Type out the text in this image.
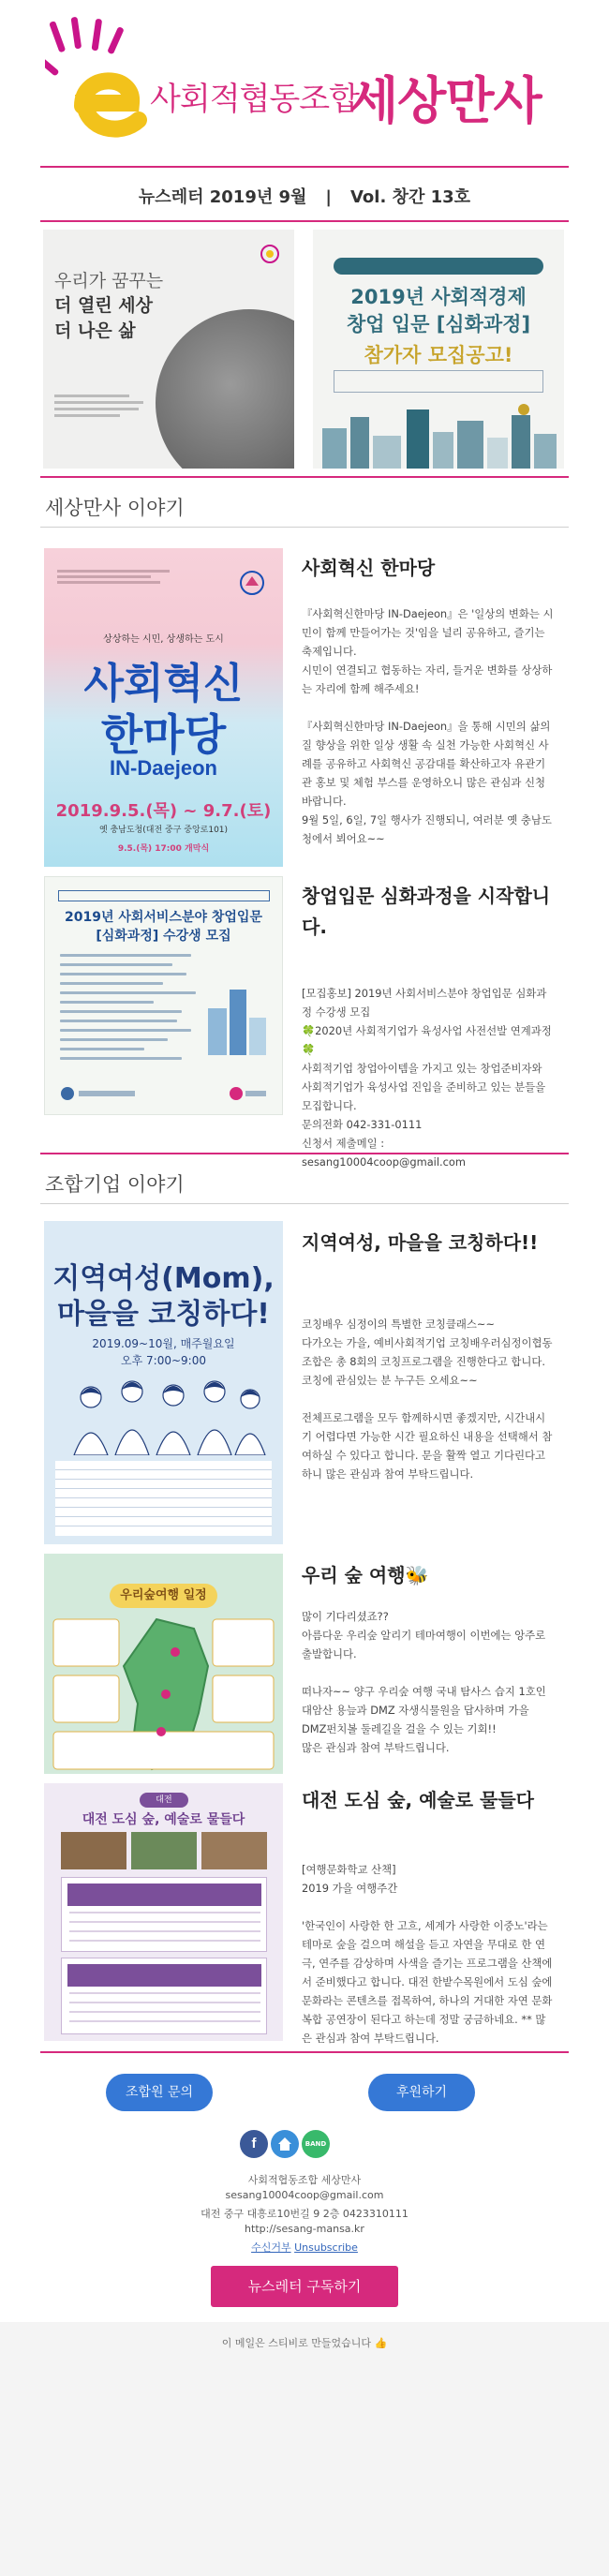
사회적협동조합
세상만사
뉴스레터 2019년 9월 | Vol. 창간 13호
우리가 꿈꾸는
더 열린 세상
더 나은 삶
2019년 사회적경제
창업 입문 [심화과정]
참가자 모집공고!
세상만사 이야기
상상하는 시민, 상생하는 도시
사회혁신
한마당
IN-Daejeon
2019.9.5.(목) ~ 9.7.(토)
옛 충남도청(대전 중구 중앙로101)
9.5.(목) 17:00 개막식
사회혁신 한마당

『사회혁신한마당 IN-Daejeon』은 '일상의 변화는 시민이 함께 만들어가는 것'임을 널리 공유하고, 즐기는 축제입니다.

시민이 연결되고 협동하는 자리, 들거운 변화를 상상하는 자리에 함께 해주세요!

『사회혁신한마당 IN-Daejeon』을 통해 시민의 삶의 질 향상을 위한 일상 생활 속 실천 가능한 사회혁신 사례를 공유하고 사회혁신 공감대를 확산하고자 유관기관 홍보 및 체험 부스를 운영하오니 많은 관심과 신청 바랍니다.

9월 5일, 6일, 7일 행사가 진행되니, 여러분 옛 충남도청에서 뵈어요~~

2019년 사회서비스분야 창업입문
[심화과정] 수강생 모집
창업입문 심화과정을 시작합니다.

[모집홍보] 2019년 사회서비스분야 창업입문 심화과정 수강생 모집

🍀2020년 사회적기업가 육성사업 사전선발 연계과정🍀

사회적기업 창업아이템을 가지고 있는 창업준비자와 사회적기업가 육성사업 진입을 준비하고 있는 분들을 모집합니다.

문의전화 042-331-0111

신청서 제출메일 :

sesang10004coop@gmail.com

조합기업 이야기
지역여성(Mom),
마을을 코칭하다!
2019.09~10월, 매주월요일
오후 7:00~9:00
지역여성, 마을을 코칭하다!!

코칭배우 심정이의 특별한 코칭클래스~~

다가오는 가을, 예비사회적기업 코칭배우러심정이협동조합은 총 8회의 코칭프로그램을 진행한다고 합니다.

코칭에 관심있는 분 누구든 오세요~~

전체프로그램을 모두 함께하시면 좋겠지만, 시간내시기 어렵다면 가능한 시간 필요하신 내용을 선택해서 참여하실 수 있다고 합니다. 문을 활짝 열고 기다린다고 하니 많은 관심과 참여 부탁드립니다.

우리숲여행 일정
우리 숲 여행🐝

많이 기다리셨죠??

아름다운 우리숲 알리기 테마여행이 이번에는 앙주로 출발합니다.

떠나자~~ 양구 우리숲 여행 국내 탐사스 습지 1호인 대암산 용늪과 DMZ 자생식물원을 답사하며 가을 DMZ펀치볼 둘레길을 걸을 수 있는 기회!!

많은 관심과 참여 부탁드립니다.

대전
대전 도심 숲, 예술로 물들다
대전 도심 숲, 예술로 물들다

[여행문화학교 산책]

2019 가을 여행주간

'한국인이 사랑한 한 고흐, 세계가 사랑한 이중노'라는 테마로 숲을 걸으며 해설을 듣고 자연을 무대로 한 연극, 연주를 감상하며 사색을 즐기는 프로그램을 산책에서 준비했다고 합니다. 대전 한밭수목원에서 도심 숲에 문화라는 콘텐츠를 접목하여, 하나의 거대한 자연 문화 복합 공연장이 된다고 하는데 정말 궁금하네요. ** 많은 관심과 참여 부탁드립니다.

조합원 문의	후원하기
f	BAND
사회적협동조합 세상만사
sesang10004coop@gmail.com
대전 중구 대흥로10번길 9 2층 0423310111
http://sesang-mansa.kr
수신거부 Unsubscribe
뉴스레터 구독하기
이 메일은 스티비로 만들었습니다 👍
